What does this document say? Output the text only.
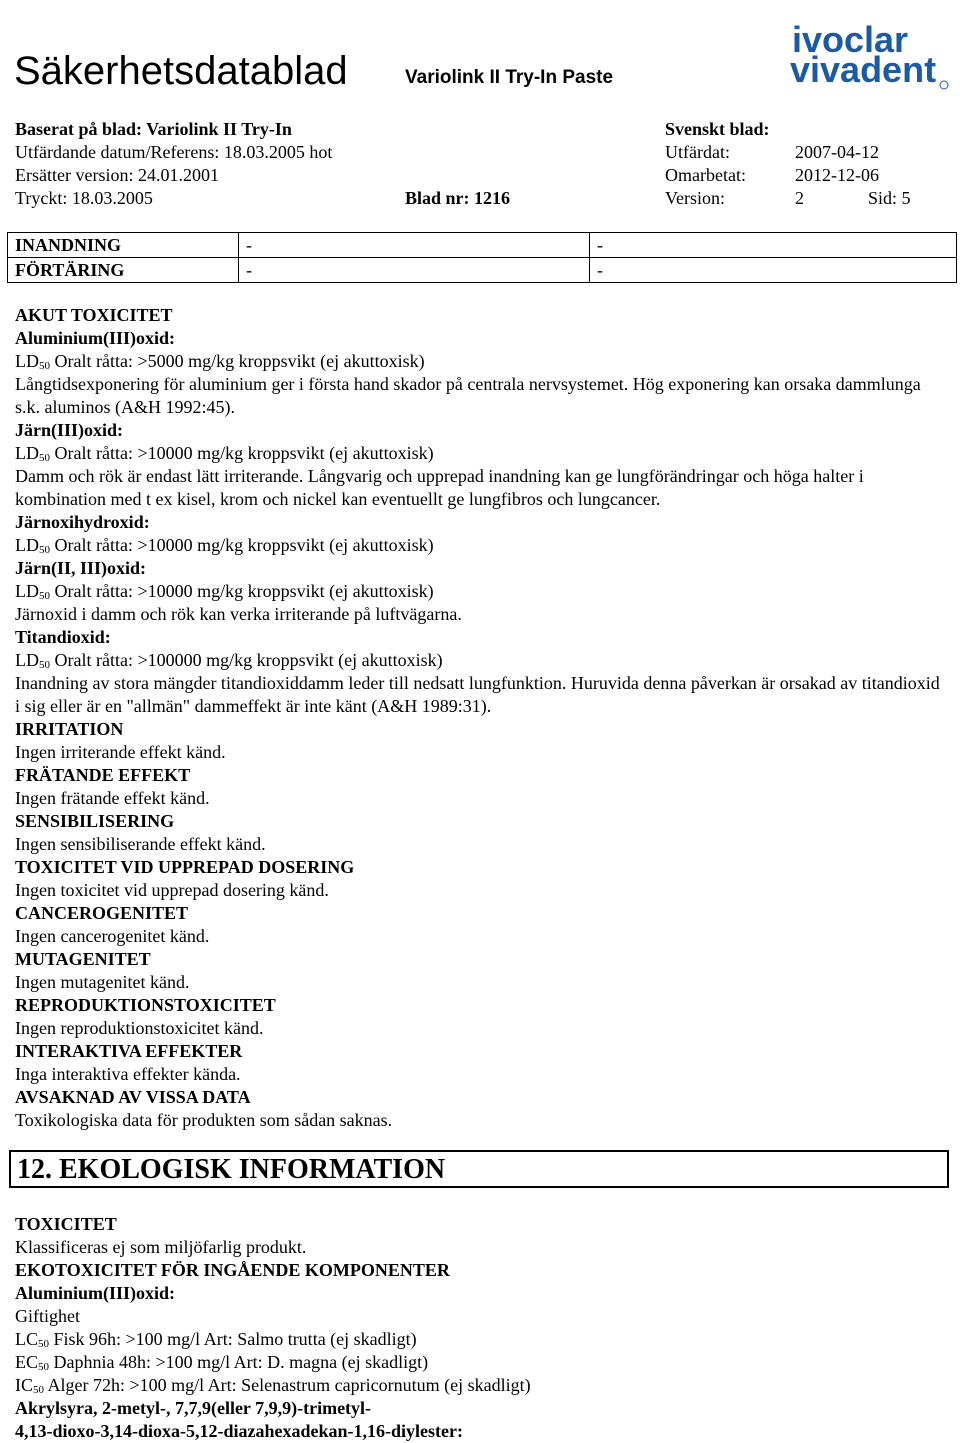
Säkerhetsdatablad	Variolink II Try-In Paste
ivoclar
vivadent
Baserat på blad: Variolink II Try-In
Utfärdande datum/Referens: 18.03.2005 hot
Ersätter version: 24.01.2001
Tryckt: 18.03.2005	Blad nr: 1216
Svenskt blad:
Utfärdat:	2007-04-12
Omarbetat:	2012-12-06
Version:	2	Sid: 5
INANDNING	-	-
FÖRTÄRING	-	-
AKUT TOXICITET
Aluminium(III)oxid:
$LD_{50}$ Oralt råtta: >5000 mg/kg kroppsvikt (ej akuttoxisk)
Långtidsexponering för aluminium ger i första hand skador på centrala nervsystemet. Hög exponering kan orsaka dammlunga s.k. aluminos (A&H 1992:45).
Järn(III)oxid:
$LD_{50}$ Oralt råtta: >10000 mg/kg kroppsvikt (ej akuttoxisk)
Damm och rök är endast lätt irriterande. Långvarig och upprepad inandning kan ge lungförändringar och höga halter i kombination med t ex kisel, krom och nickel kan eventuellt ge lungfibros och lungcancer.
Järnoxihydroxid:
$LD_{50}$ Oralt råtta: >10000 mg/kg kroppsvikt (ej akuttoxisk)
Järn(II, III)oxid:
$LD_{50}$ Oralt råtta: >10000 mg/kg kroppsvikt (ej akuttoxisk)
Järnoxid i damm och rök kan verka irriterande på luftvägarna.
Titandioxid:
$LD_{50}$ Oralt råtta: >100000 mg/kg kroppsvikt (ej akuttoxisk)
Inandning av stora mängder titandioxiddamm leder till nedsatt lungfunktion. Huruvida denna påverkan är orsakad av titandioxid i sig eller är en "allmän" dammeffekt är inte känt (A&H 1989:31).
IRRITATION
Ingen irriterande effekt känd.
FRÄTANDE EFFEKT
Ingen frätande effekt känd.
SENSIBILISERING
Ingen sensibiliserande effekt känd.
TOXICITET VID UPPREPAD DOSERING
Ingen toxicitet vid upprepad dosering känd.
CANCEROGENITET
Ingen cancerogenitet känd.
MUTAGENITET
Ingen mutagenitet känd.
REPRODUKTIONSTOXICITET
Ingen reproduktionstoxicitet känd.
INTERAKTIVA EFFEKTER
Inga interaktiva effekter kända.
AVSAKNAD AV VISSA DATA
Toxikologiska data för produkten som sådan saknas.
12. EKOLOGISK INFORMATION
TOXICITET
Klassificeras ej som miljöfarlig produkt.
EKOTOXICITET FÖR INGÅENDE KOMPONENTER
Aluminium(III)oxid:
Giftighet
$LC_{50}$ Fisk 96h: >100 mg/l Art: Salmo trutta (ej skadligt)
$EC_{50}$ Daphnia 48h: >100 mg/l Art: D. magna (ej skadligt)
$IC_{50}$ Alger 72h: >100 mg/l Art: Selenastrum capricornutum (ej skadligt)
Akrylsyra, 2-metyl-, 7,7,9(eller 7,9,9)-trimetyl-
4,13-dioxo-3,14-dioxa-5,12-diazahexadekan-1,16-diylester:
